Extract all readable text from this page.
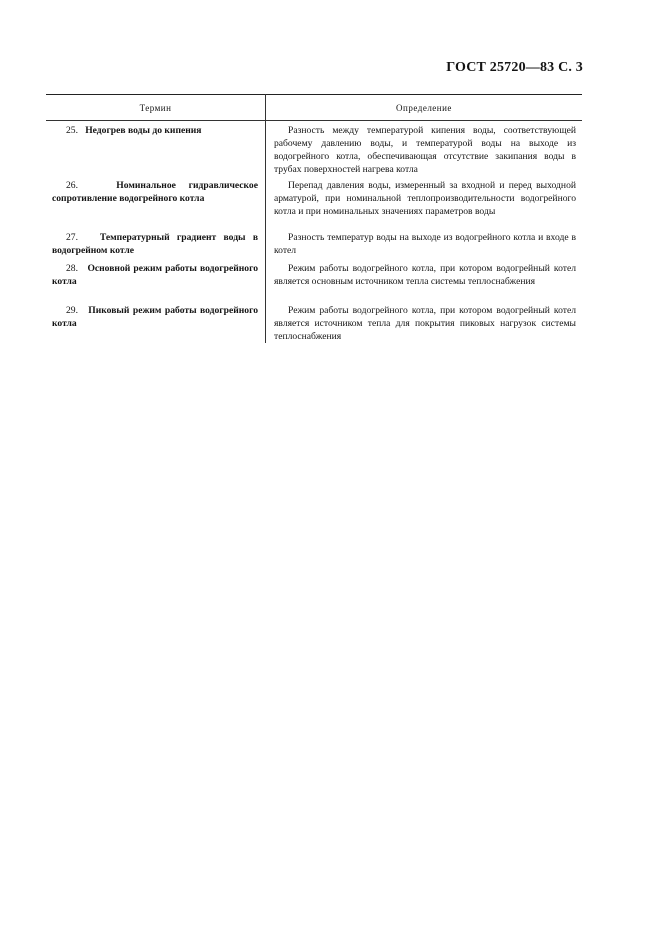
ГОСТ 25720—83 С. 3
Термин	Определение
25.   Недогрев воды до кипения	Разность между температурой кипения воды, соответствующей рабочему давлению воды, и температурой воды на выходе из водогрейного котла, обеспечивающая отсутствие закипания воды в трубах поверхностей нагрева котла
26.   Номинальное гидравлическое сопротивление водогрейного котла
Перепад давления воды, измеренный за входной и перед выходной арматурой, при номинальной теплопроизводительности водогрейного котла и при номинальных значениях параметров воды
27.   Температурный градиент воды в водогрейном котле
Разность температур воды на выходе из водогрейного котла и входе в котел
28.   Основной режим работы водогрейного котла
Режим работы водогрейного котла, при котором водогрейный котел является основным источником тепла системы теплоснабжения
29.   Пиковый режим работы водогрейного котла
Режим работы водогрейного котла, при котором водогрейный котел является источником тепла для покрытия пиковых нагрузок системы теплоснабжения
